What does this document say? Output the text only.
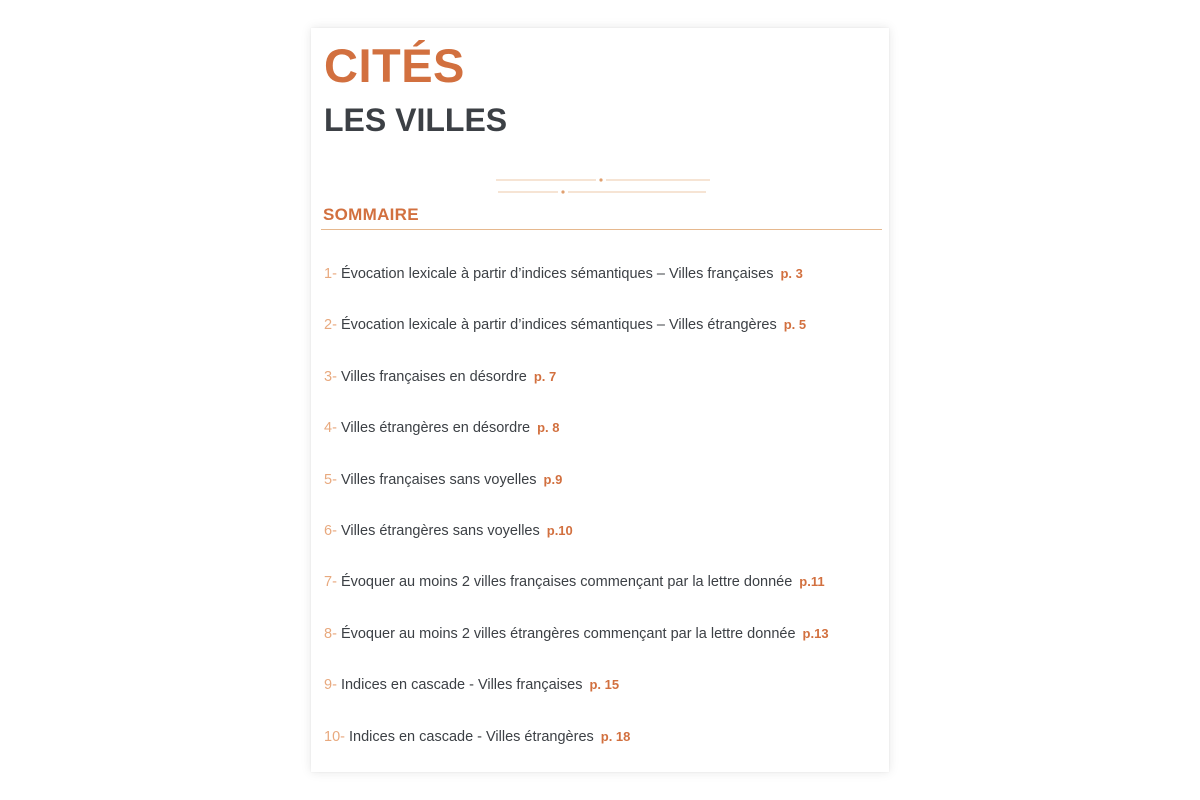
CITÉS
LES VILLES
SOMMAIRE
1- Évocation lexicale à partir d’indices sémantiques – Villes françaises p. 3
2- Évocation lexicale à partir d’indices sémantiques – Villes étrangères p. 5
3- Villes françaises en désordre p. 7
4- Villes étrangères en désordre p. 8
5- Villes françaises sans voyelles p.9
6- Villes étrangères sans voyelles p.10
7- Évoquer au moins 2 villes françaises commençant par la lettre donnée p.11
8- Évoquer au moins 2 villes étrangères commençant par la lettre donnée p.13
9- Indices en cascade - Villes françaises p. 15
10- Indices en cascade - Villes étrangères p. 18
